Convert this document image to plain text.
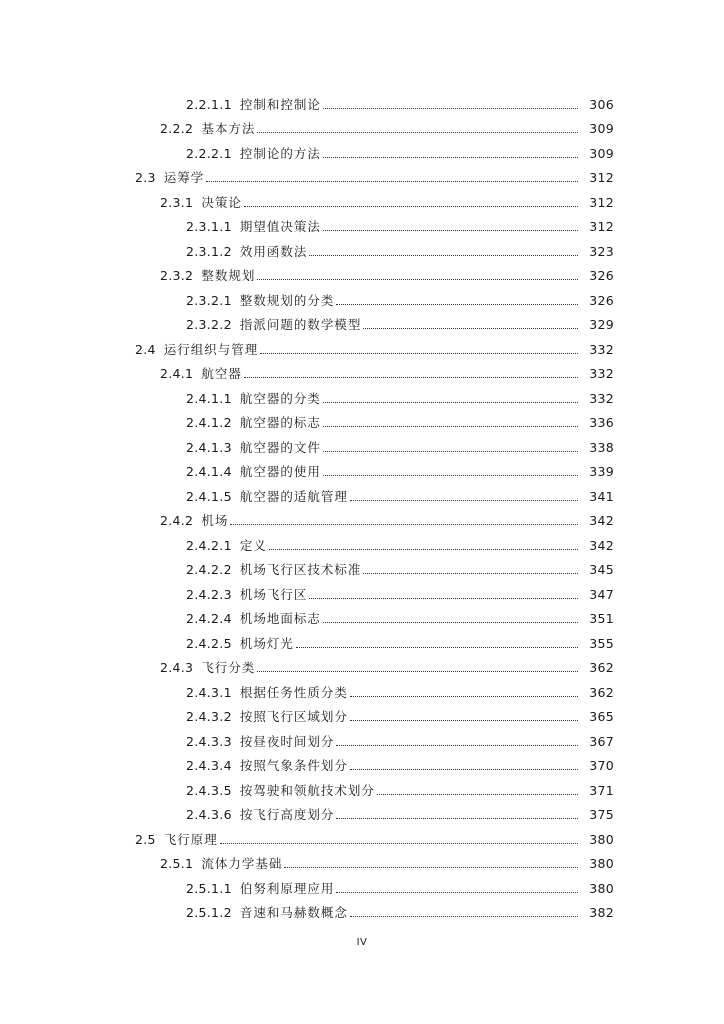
2.2.1.1 控制和控制论	306
2.2.2 基本方法	309
2.2.2.1 控制论的方法	309
2.3 运筹学	312
2.3.1 决策论	312
2.3.1.1 期望值决策法	312
2.3.1.2 效用函数法	323
2.3.2 整数规划	326
2.3.2.1 整数规划的分类	326
2.3.2.2 指派问题的数学模型	329
2.4 运行组织与管理	332
2.4.1 航空器	332
2.4.1.1 航空器的分类	332
2.4.1.2 航空器的标志	336
2.4.1.3 航空器的文件	338
2.4.1.4 航空器的使用	339
2.4.1.5 航空器的适航管理	341
2.4.2 机场	342
2.4.2.1 定义	342
2.4.2.2 机场飞行区技术标准	345
2.4.2.3 机场飞行区	347
2.4.2.4 机场地面标志	351
2.4.2.5 机场灯光	355
2.4.3 飞行分类	362
2.4.3.1 根据任务性质分类	362
2.4.3.2 按照飞行区域划分	365
2.4.3.3 按昼夜时间划分	367
2.4.3.4 按照气象条件划分	370
2.4.3.5 按驾驶和领航技术划分	371
2.4.3.6 按飞行高度划分	375
2.5 飞行原理	380
2.5.1 流体力学基础	380
2.5.1.1 伯努利原理应用	380
2.5.1.2 音速和马赫数概念	382
IV
